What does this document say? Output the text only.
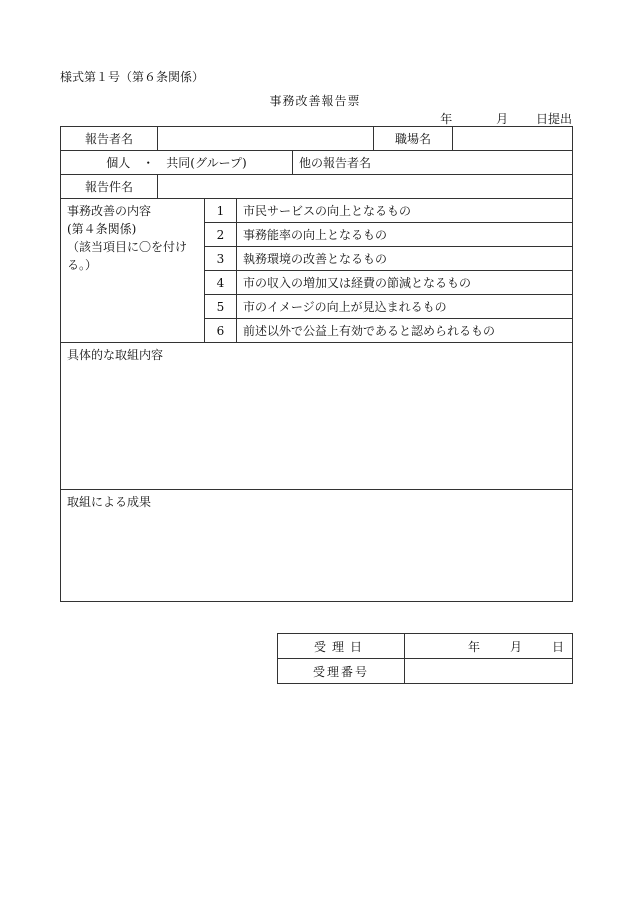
様式第１号（第６条関係）
事務改善報告票
年	月 日提出
報告者名					職場名	
個人　・　共同(グループ)				他の報告者名		
報告件名						

事務改善の内容
(第４条関係)
（該当項目に〇を付け
る。）		1	市民サービスの向上となるもの			
		2	事務能率の向上となるもの			
		3	執務環境の改善となるもの			
		4	市の収入の増加又は経費の節減となるもの			
		5	市のイメージの向上が見込まれるもの			
		6	前述以外で公益上有効であると認められるもの			
具体的な取組内容						
取組による成果						
受理日	年 月 日
受理番号	
